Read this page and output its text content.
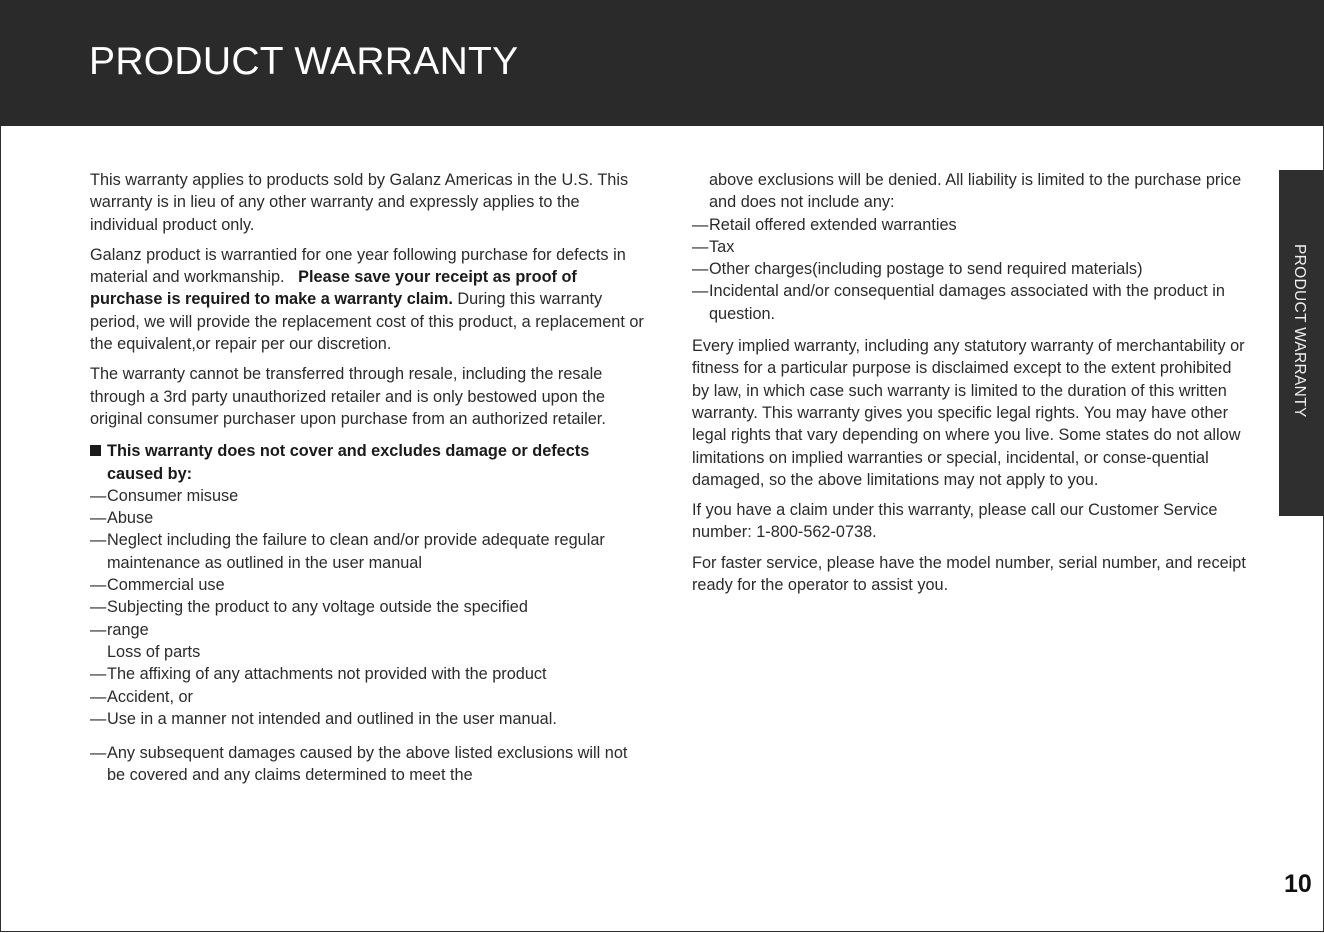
PRODUCT WARRANTY

This warranty applies to products sold by Galanz Americas in the U.S. This warranty is in lieu of any other warranty and expressly applies to the individual product only.

Galanz product is warrantied for one year following purchase for defects in material and workmanship. Please save your receipt as proof of purchase is required to make a warranty claim. During this warranty period, we will provide the replacement cost of this product, a replacement or the equivalent,or repair per our discretion.

The warranty cannot be transferred through resale, including the resale through a 3rd party unauthorized retailer and is only bestowed upon the original consumer purchaser upon purchase from an authorized retailer.

This warranty does not cover and excludes damage or defects caused by:

— Consumer misuse
— Abuse
— Neglect including the failure to clean and/or provide adequate regular maintenance as outlined in the user manual
— Commercial use
— Subjecting the product to any voltage outside the specified
— range
Loss of parts
— The affixing of any attachments not provided with the product
— Accident, or
— Use in a manner not intended and outlined in the user manual.
— Any subsequent damages caused by the above listed exclusions will not be covered and any claims determined to meet the
above exclusions will be denied. All liability is limited to the purchase price and does not include any:
— Retail offered extended warranties
— Tax
— Other charges(including postage to send required materials)
— Incidental and/or consequential damages associated with the product in question.

Every implied warranty, including any statutory warranty of merchantability or fitness for a particular purpose is disclaimed except to the extent prohibited by law, in which case such warranty is limited to the duration of this written warranty. This warranty gives you specific legal rights. You may have other legal rights that vary depending on where you live. Some states do not allow limitations on implied warranties or special, incidental, or conse-quential damaged, so the above limitations may not apply to you.

If you have a claim under this warranty, please call our Customer Service number: 1-800-562-0738.

For faster service, please have the model number, serial number, and receipt ready for the operator to assist you.

PRODUCT WARRANTY
10
